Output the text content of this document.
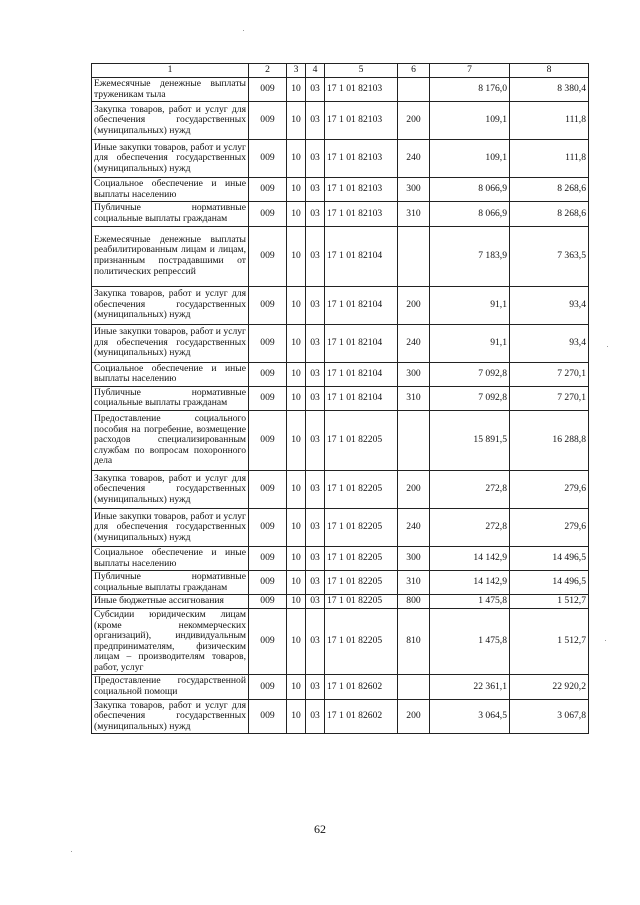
1	2	3	4	5	6	7	8
Ежемесячные денежные выплаты труженикам тыла	009	10	03	17 1 01 82103		8 176,0	8 380,4
Закупка товаров, работ и услуг для обеспечения государственных (муниципальных) нужд	009	10	03	17 1 01 82103	200	109,1	111,8
Иные закупки товаров, работ и услуг для обеспечения государственных (муниципальных) нужд	009	10	03	17 1 01 82103	240	109,1	111,8
Социальное обеспечение и иные выплаты населению	009	10	03	17 1 01 82103	300	8 066,9	8 268,6
Публичные нормативные социальные выплаты гражданам	009	10	03	17 1 01 82103	310	8 066,9	8 268,6
Ежемесячные денежные выплаты реабилитированным лицам и лицам, признанным пострадавшими от политических репрессий	009	10	03	17 1 01 82104		7 183,9	7 363,5
Закупка товаров, работ и услуг для обеспечения государственных (муниципальных) нужд	009	10	03	17 1 01 82104	200	91,1	93,4
Иные закупки товаров, работ и услуг для обеспечения государственных (муниципальных) нужд	009	10	03	17 1 01 82104	240	91,1	93,4
Социальное обеспечение и иные выплаты населению	009	10	03	17 1 01 82104	300	7 092,8	7 270,1
Публичные нормативные социальные выплаты гражданам	009	10	03	17 1 01 82104	310	7 092,8	7 270,1
Предоставление социального пособия на погребение, возмещение расходов специализированным службам по вопросам похоронного дела	009	10	03	17 1 01 82205		15 891,5	16 288,8
Закупка товаров, работ и услуг для обеспечения государственных (муниципальных) нужд	009	10	03	17 1 01 82205	200	272,8	279,6
Иные закупки товаров, работ и услуг для обеспечения государственных (муниципальных) нужд	009	10	03	17 1 01 82205	240	272,8	279,6
Социальное обеспечение и иные выплаты населению	009	10	03	17 1 01 82205	300	14 142,9	14 496,5
Публичные нормативные социальные выплаты гражданам	009	10	03	17 1 01 82205	310	14 142,9	14 496,5
Иные бюджетные ассигнования	009	10	03	17 1 01 82205	800	1 475,8	1 512,7
Субсидии юридическим лицам (кроме некоммерческих организаций), индивидуальным предпринимателям, физическим лицам – производителям товаров, работ, услуг	009	10	03	17 1 01 82205	810	1 475,8	1 512,7
Предоставление государственной социальной помощи	009	10	03	17 1 01 82602		22 361,1	22 920,2
Закупка товаров, работ и услуг для обеспечения государственных (муниципальных) нужд	009	10	03	17 1 01 82602	200	3 064,5	3 067,8
62
